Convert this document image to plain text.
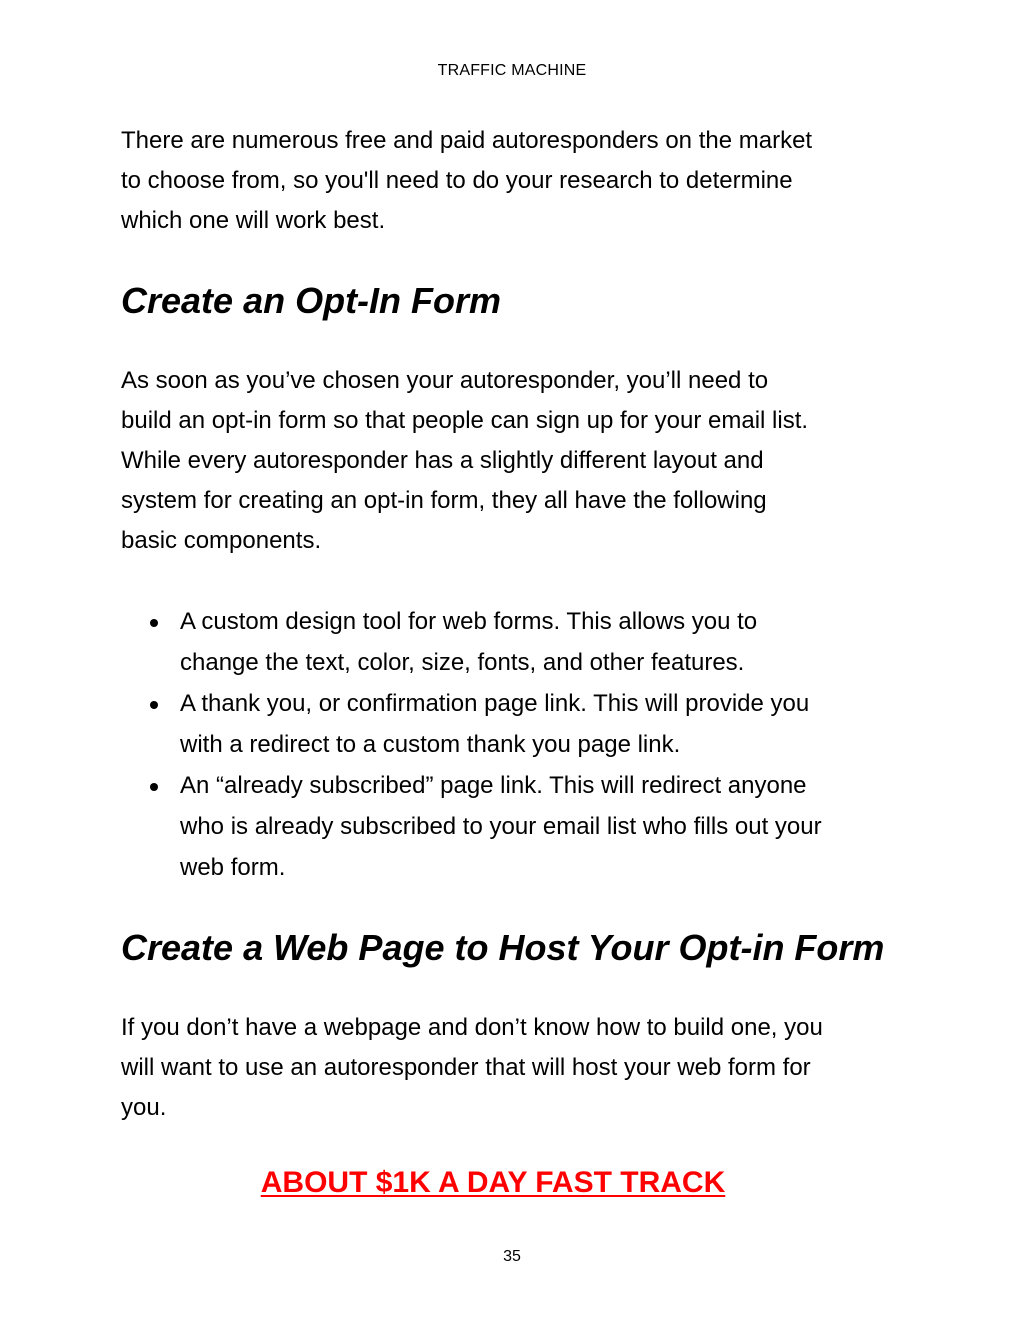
TRAFFIC MACHINE

There are numerous free and paid autoresponders on the market
to choose from, so you'll need to do your research to determine
which one will work best.

Create an Opt-In Form

As soon as you’ve chosen your autoresponder, you’ll need to
build an opt-in form so that people can sign up for your email list.
While every autoresponder has a slightly different layout and
system for creating an opt-in form, they all have the following
basic components.

A custom design tool for web forms. This allows you to
change the text, color, size, fonts, and other features.
A thank you, or confirmation page link. This will provide you
with a redirect to a custom thank you page link.
An “already subscribed” page link. This will redirect anyone
who is already subscribed to your email list who fills out your
web form.
Create a Web Page to Host Your Opt-in Form

If you don’t have a webpage and don’t know how to build one, you
will want to use an autoresponder that will host your web form for
you.

ABOUT $1K A DAY FAST TRACK
35
